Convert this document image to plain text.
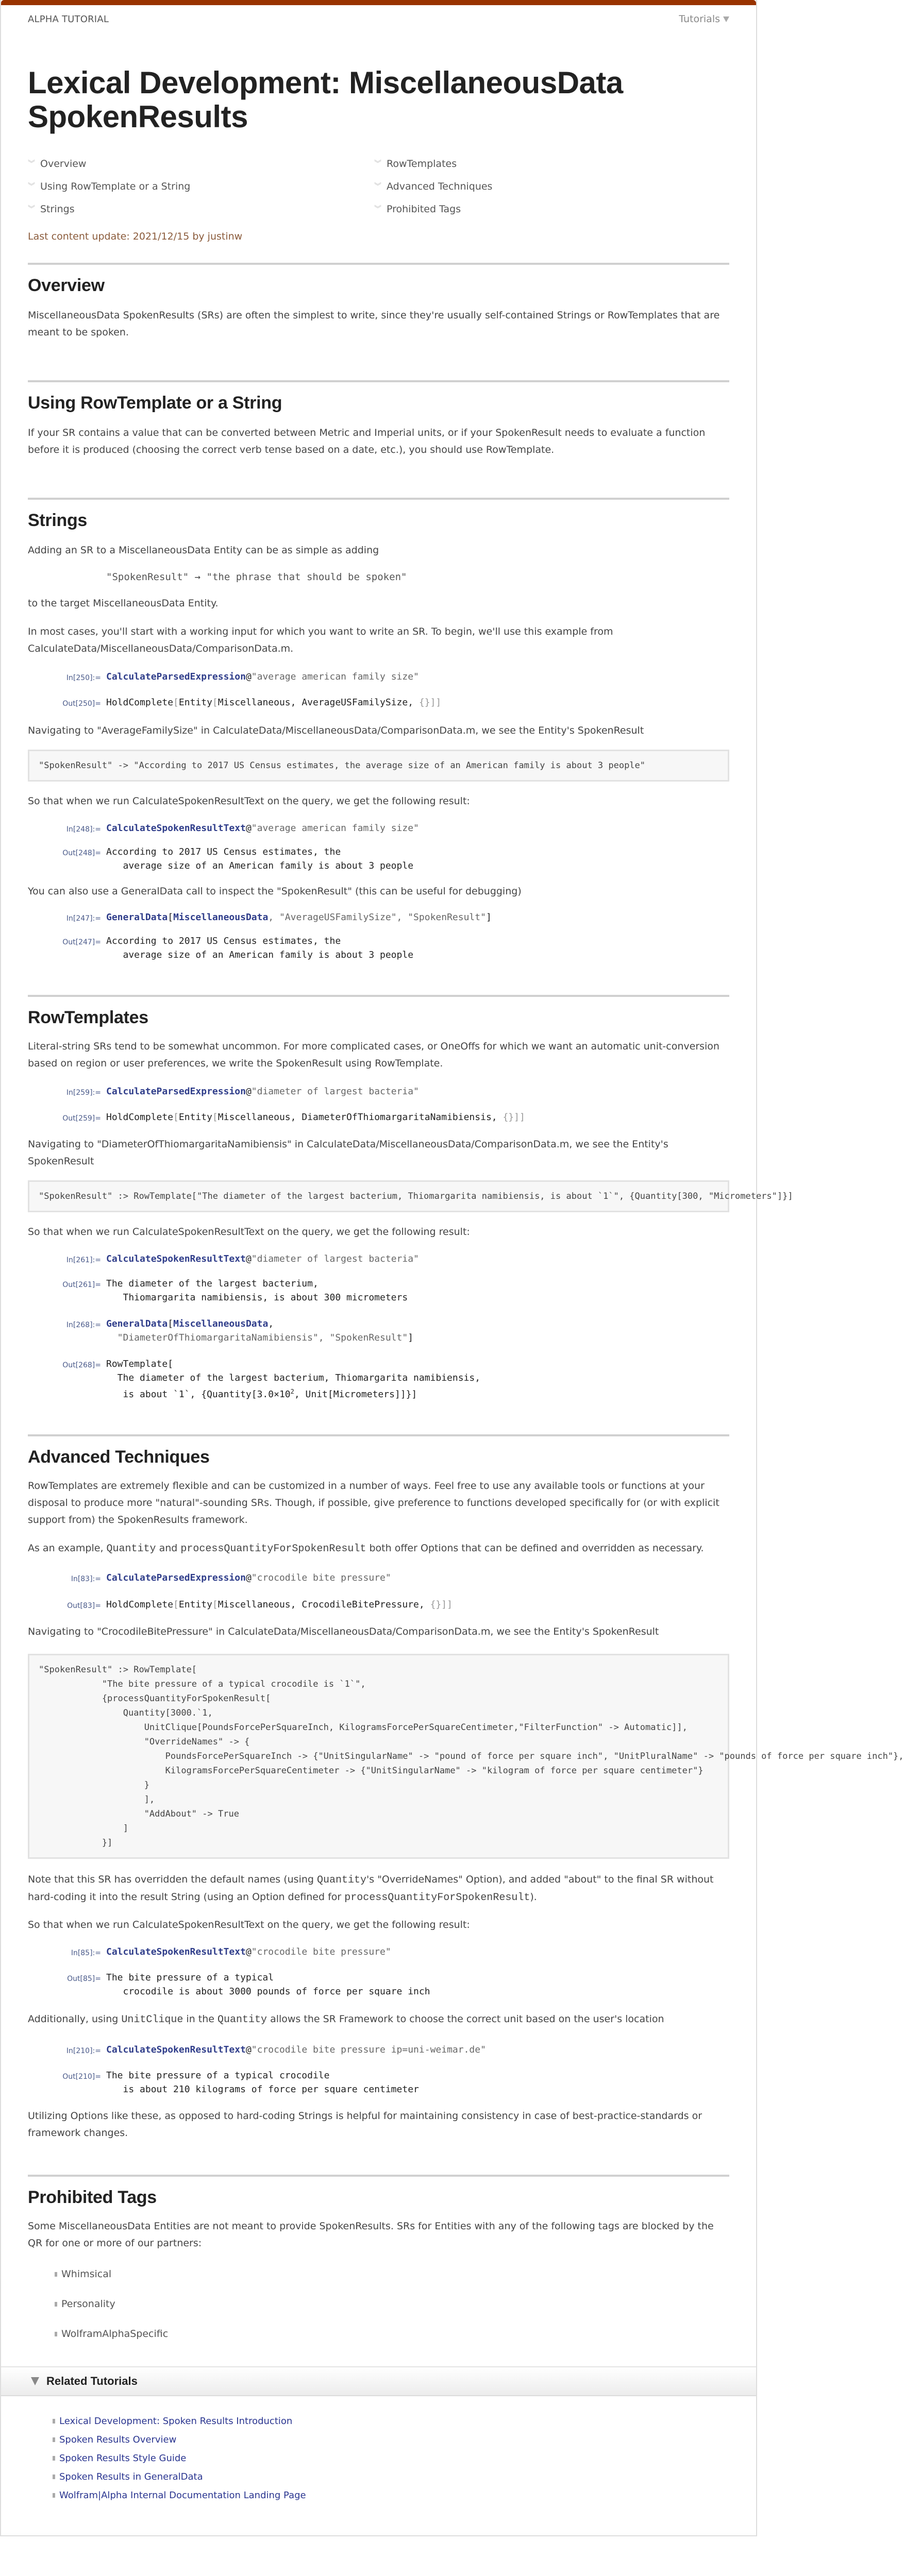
ALPHA TUTORIAL	Tutorials
Lexical Development: MiscellaneousData SpokenResults
︾ Overview	︾ RowTemplates
︾ Using RowTemplate or a String	︾ Advanced Techniques
︾ Strings	︾ Prohibited Tags
Last content update: 2021/12/15 by justinw
Overview

MiscellaneousData SpokenResults (SRs) are often the simplest to write, since they're usually self-contained Strings or RowTemplates that are meant to be spoken.

Using RowTemplate or a String

If your SR contains a value that can be converted between Metric and Imperial units, or if your SpokenResult needs to evaluate a function before it is produced (choosing the correct verb tense based on a date, etc.), you should use RowTemplate.

Strings

Adding an SR to a MiscellaneousData Entity can be as simple as adding

"SpokenResult" → "the phrase that should be spoken"

to the target MiscellaneousData Entity.

In most cases, you'll start with a working input for which you want to write an SR. To begin, we'll use this example from CalculateData/MiscellaneousData/ComparisonData.m.

In[250]:= CalculateParsedExpression@"average american family size"
Out[250]= HoldComplete[Entity[Miscellaneous, AverageUSFamilySize, {}]]

Navigating to "AverageFamilySize" in CalculateData/MiscellaneousData/ComparisonData.m, we see the Entity's SpokenResult

"SpokenResult" -> "According to 2017 US Census estimates, the average size of an American family is about 3 people"

So that when we run CalculateSpokenResultText on the query, we get the following result:

In[248]:= CalculateSpokenResultText@"average american family size"
Out[248]= According to 2017 US Census estimates, the
average size of an American family is about 3 people

You can also use a GeneralData call to inspect the "SpokenResult" (this can be useful for debugging)

In[247]:= GeneralData[MiscellaneousData, "AverageUSFamilySize", "SpokenResult"]
Out[247]= According to 2017 US Census estimates, the
average size of an American family is about 3 people
RowTemplates

Literal-string SRs tend to be somewhat uncommon. For more complicated cases, or OneOffs for which we want an automatic unit-conversion based on region or user preferences, we write the SpokenResult using RowTemplate.

In[259]:= CalculateParsedExpression@"diameter of largest bacteria"
Out[259]= HoldComplete[Entity[Miscellaneous, DiameterOfThiomargaritaNamibiensis, {}]]

Navigating to "DiameterOfThiomargaritaNamibiensis" in CalculateData/MiscellaneousData/ComparisonData.m, we see the Entity's SpokenResult

"SpokenResult" :> RowTemplate["The diameter of the largest bacterium, Thiomargarita namibiensis, is about `1`", {Quantity[300, "Micrometers"]}]

So that when we run CalculateSpokenResultText on the query, we get the following result:

In[261]:= CalculateSpokenResultText@"diameter of largest bacteria"
Out[261]= The diameter of the largest bacterium,
Thiomargarita namibiensis, is about 300 micrometers
In[268]:= GeneralData[MiscellaneousData,
"DiameterOfThiomargaritaNamibiensis", "SpokenResult"]
Out[268]= RowTemplate[
The diameter of the largest bacterium, Thiomargarita namibiensis,
is about `1`, {$Quantity[3.0\times 10^2$, Unit[Micrometers]]}]
Advanced Techniques

RowTemplates are extremely flexible and can be customized in a number of ways. Feel free to use any available tools or functions at your disposal to produce more "natural"-sounding SRs. Though, if possible, give preference to functions developed specifically for (or with explicit support from) the SpokenResults framework.

As an example, Quantity and processQuantityForSpokenResult both offer Options that can be defined and overridden as necessary.

In[83]:= CalculateParsedExpression@"crocodile bite pressure"
Out[83]= HoldComplete[Entity[Miscellaneous, CrocodileBitePressure, {}]]

Navigating to "CrocodileBitePressure" in CalculateData/MiscellaneousData/ComparisonData.m, we see the Entity's SpokenResult

"SpokenResult" :> RowTemplate[
"The bite pressure of a typical crocodile is `1`",
{processQuantityForSpokenResult[
Quantity[3000.`1,
UnitClique[PoundsForcePerSquareInch, KilogramsForcePerSquareCentimeter,"FilterFunction" -> Automatic]],
"OverrideNames" -> {
PoundsForcePerSquareInch -> {"UnitSingularName" -> "pound of force per square inch", "UnitPluralName" -> "pounds of force per square inch"},
KilogramsForcePerSquareCentimeter -> {"UnitSingularName" -> "kilogram of force per square centimeter"}
}
],
"AddAbout" -> True
]
}]

Note that this SR has overridden the default names (using Quantity's "OverrideNames" Option), and added "about" to the final SR without hard-coding it into the result String (using an Option defined for processQuantityForSpokenResult).

So that when we run CalculateSpokenResultText on the query, we get the following result:

In[85]:= CalculateSpokenResultText@"crocodile bite pressure"
Out[85]= The bite pressure of a typical
crocodile is about 3000 pounds of force per square inch

Additionally, using UnitClique in the Quantity allows the SR Framework to choose the correct unit based on the user's location

In[210]:= CalculateSpokenResultText@"crocodile bite pressure ip=uni-weimar.de"
Out[210]= The bite pressure of a typical crocodile
is about 210 kilograms of force per square centimeter

Utilizing Options like these, as opposed to hard-coding Strings is helpful for maintaining consistency in case of best-practice-standards or framework changes.

Prohibited Tags

Some MiscellaneousData Entities are not meant to provide SpokenResults. SRs for Entities with any of the following tags are blocked by the QR for one or more of our partners:

Whimsical
Personality
WolframAlphaSpecific
Related Tutorials
Lexical Development: Spoken Results Introduction
Spoken Results Overview
Spoken Results Style Guide
Spoken Results in GeneralData
Wolfram|Alpha Internal Documentation Landing Page
